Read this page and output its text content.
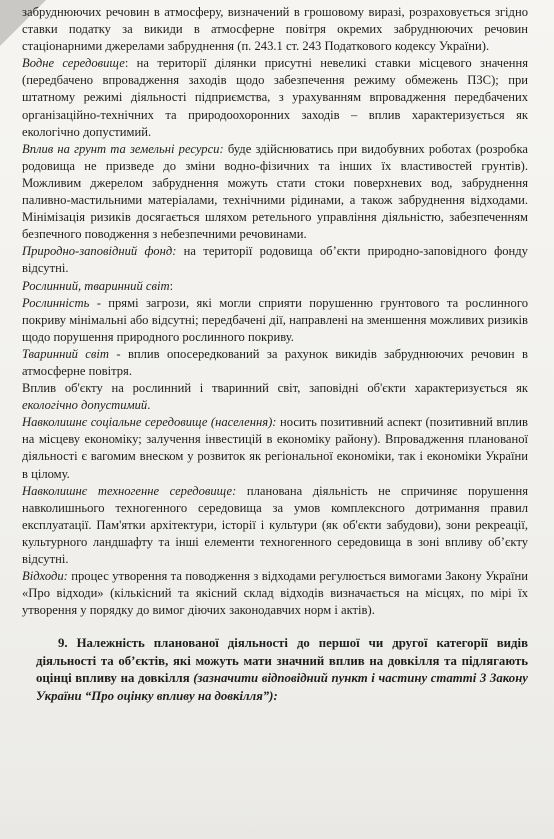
забруднюючих речовин в атмосферу, визначений в грошовому виразі, розраховується згідно ставки податку за викиди в атмосферне повітря окремих забруднюючих речовин стаціонарними джерелами забруднення (п. 243.1 ст. 243 Податкового кодексу України).

Водне середовище: на території ділянки присутні невеликі ставки місцевого значення (передбачено впровадження заходів щодо забезпечення режиму обмежень ПЗС); при штатному режимі діяльності підприємства, з урахуванням впровадження передбачених організаційно-технічних та природоохоронних заходів – вплив характеризується як екологічно допустимий.

Вплив на грунт та земельні ресурси: буде здійснюватись при видобувних роботах (розробка родовища не призведе до зміни водно-фізичних та інших їх властивостей грунтів). Можливим джерелом забруднення можуть стати стоки поверхневих вод, забруднення паливно-мастильними матеріалами, технічними рідинами, а також забруднення відходами. Мінімізація ризиків досягається шляхом ретельного управління діяльністю, забезпеченням безпечного поводження з небезпечними речовинами.

Природно-заповідний фонд: на території родовища об’єкти природно-заповідного фонду відсутні.

Рослинний, тваринний світ:

Рослинність - прямі загрози, які могли сприяти порушенню грунтового та рослинного покриву мінімальні або відсутні; передбачені дії, направлені на зменшення можливих ризиків щодо порушення природного рослинного покриву.

Тваринний світ - вплив опосередкований за рахунок викидів забруднюючих речовин в атмосферне повітря.

Вплив об'єкту на рослинний і тваринний світ, заповідні об'єкти характеризується як екологічно допустимий.

Навколишнє соціальне середовище (населення): носить позитивний аспект (позитивний вплив на місцеву економіку; залучення інвестицій в економіку району). Впровадження планованої діяльності є вагомим внеском у розвиток як регіональної економіки, так і економіки України в цілому.

Навколишнє техногенне середовище: планована діяльність не спричиняє порушення навколишнього техногенного середовища за умов комплексного дотримання правил експлуатації. Пам'ятки архітектури, історії і культури (як об'єкти забудови), зони рекреації, культурного ландшафту та інші елементи техногенного середовища в зоні впливу об’єкту відсутні.

Відходи: процес утворення та поводження з відходами регулюється вимогами Закону України «Про відходи» (кількісний та якісний склад відходів визначається на місцях, по мірі їх утворення у порядку до вимог діючих законодавчих норм і актів).

9. Належність планованої діяльності до першої чи другої категорії видів діяльності та об’єктів, які можуть мати значний вплив на довкілля та підлягають оцінці впливу на довкілля (зазначити відповідний пункт і частину статті 3 Закону України “Про оцінку впливу на довкілля”):
